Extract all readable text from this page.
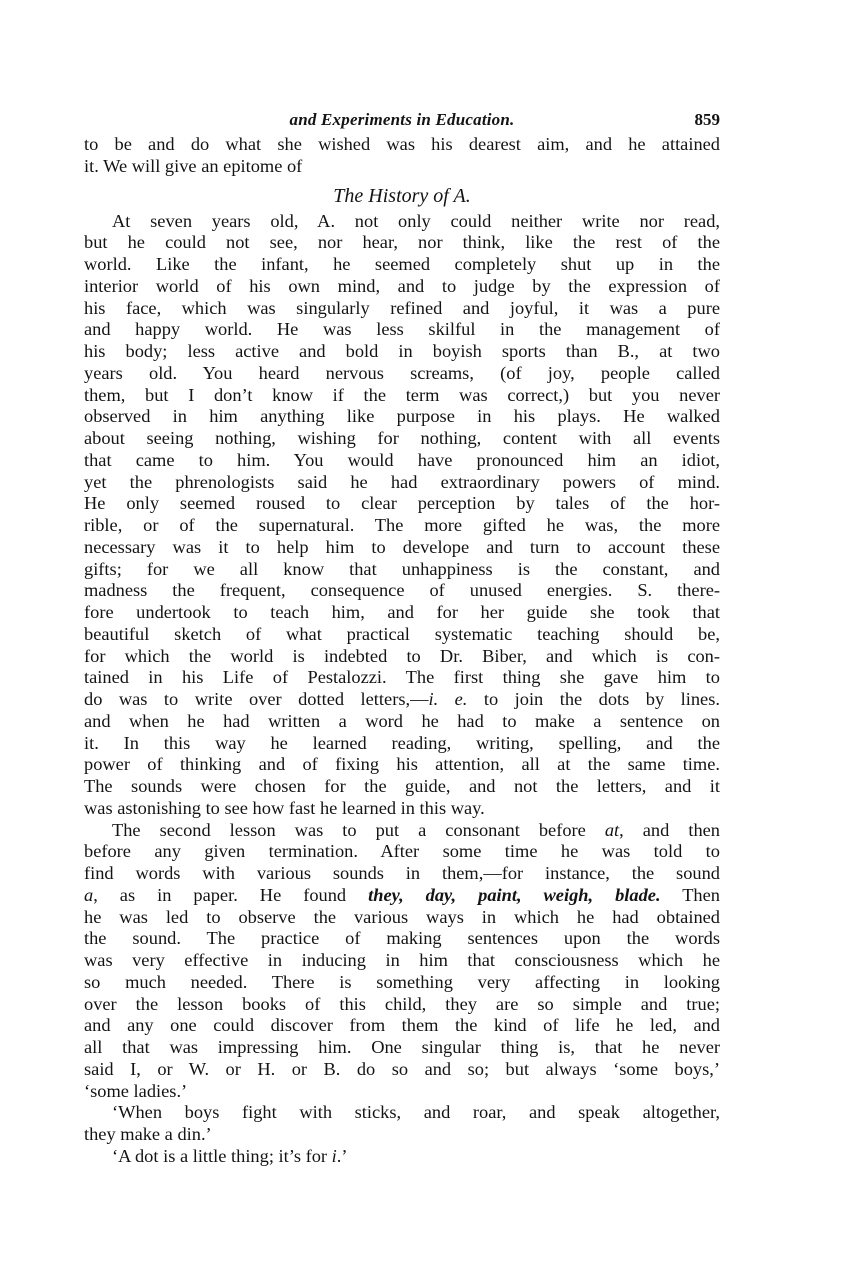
and Experiments in Education.	859
to be and do what she wished was his dearest aim, and he attained
it. We will give an epitome of
The History of A.
At seven years old, A. not only could neither write nor read,
but he could not see, nor hear, nor think, like the rest of the
world. Like the infant, he seemed completely shut up in the
interior world of his own mind, and to judge by the expression of
his face, which was singularly refined and joyful, it was a pure
and happy world. He was less skilful in the management of
his body; less active and bold in boyish sports than B., at two
years old. You heard nervous screams, (of joy, people called
them, but I don’t know if the term was correct,) but you never
observed in him anything like purpose in his plays. He walked
about seeing nothing, wishing for nothing, content with all events
that came to him. You would have pronounced him an idiot,
yet the phrenologists said he had extraordinary powers of mind.
He only seemed roused to clear perception by tales of the hor-
rible, or of the supernatural. The more gifted he was, the more
necessary was it to help him to develope and turn to account these
gifts; for we all know that unhappiness is the constant, and
madness the frequent, consequence of unused energies. S. there-
fore undertook to teach him, and for her guide she took that
beautiful sketch of what practical systematic teaching should be,
for which the world is indebted to Dr. Biber, and which is con-
tained in his Life of Pestalozzi. The first thing she gave him to
do was to write over dotted letters,—i. e. to join the dots by lines.
and when he had written a word he had to make a sentence on
it. In this way he learned reading, writing, spelling, and the
power of thinking and of fixing his attention, all at the same time.
The sounds were chosen for the guide, and not the letters, and it
was astonishing to see how fast he learned in this way.
The second lesson was to put a consonant before at, and then
before any given termination. After some time he was told to
find words with various sounds in them,—for instance, the sound
a, as in paper. He found they, day, paint, weigh, blade. Then
he was led to observe the various ways in which he had obtained
the sound. The practice of making sentences upon the words
was very effective in inducing in him that consciousness which he
so much needed. There is something very affecting in looking
over the lesson books of this child, they are so simple and true;
and any one could discover from them the kind of life he led, and
all that was impressing him. One singular thing is, that he never
said I, or W. or H. or B. do so and so; but always ‘some boys,’
‘some ladies.’
‘When boys fight with sticks, and roar, and speak altogether,
they make a din.’
‘A dot is a little thing; it’s for i.’
